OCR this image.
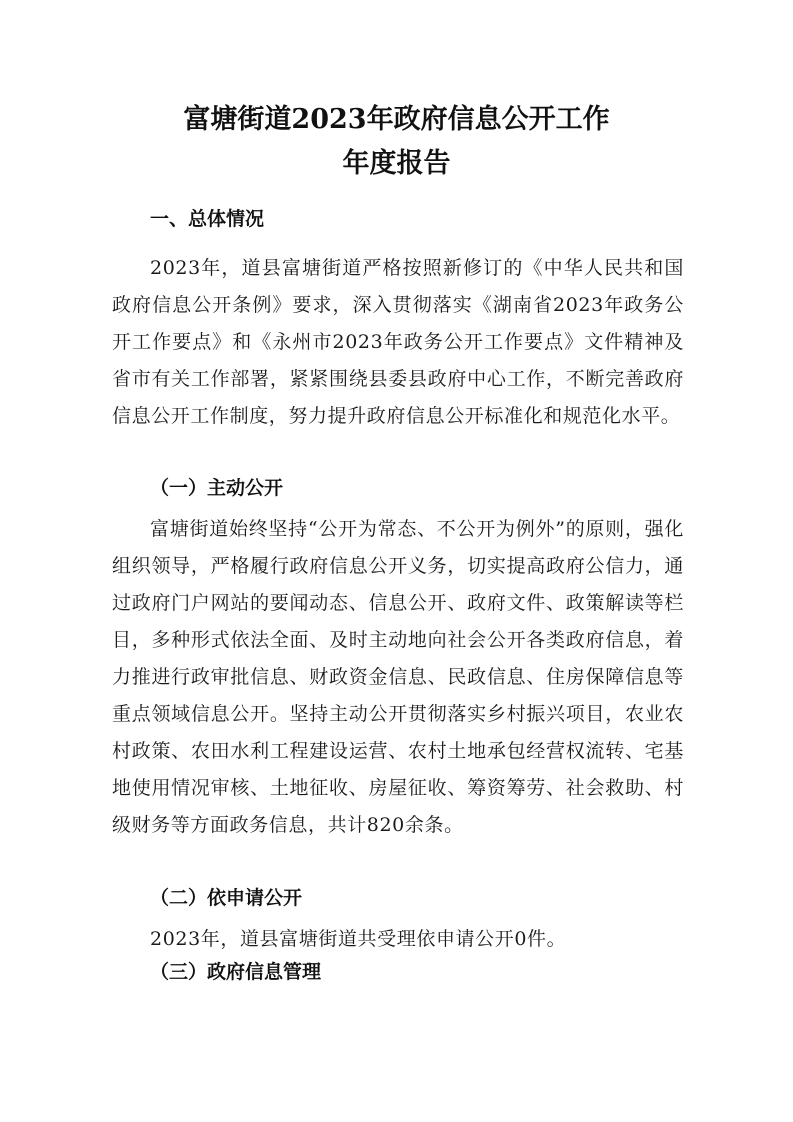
富塘街道2023年政府信息公开工作
年度报告
一、总体情况

2023年，道县富塘街道严格按照新修订的《中华人民共和国政府信息公开条例》要求，深入贯彻落实《湖南省2023年政务公开工作要点》和《永州市2023年政务公开工作要点》文件精神及省市有关工作部署，紧紧围绕县委县政府中心工作，不断完善政府信息公开工作制度，努力提升政府信息公开标准化和规范化水平。

（一）主动公开

富塘街道始终坚持“公开为常态、不公开为例外”的原则，强化组织领导，严格履行政府信息公开义务，切实提高政府公信力，通过政府门户网站的要闻动态、信息公开、政府文件、政策解读等栏目，多种形式依法全面、及时主动地向社会公开各类政府信息，着力推进行政审批信息、财政资金信息、民政信息、住房保障信息等重点领域信息公开。坚持主动公开贯彻落实乡村振兴项目，农业农村政策、农田水利工程建设运营、农村土地承包经营权流转、宅基地使用情况审核、土地征收、房屋征收、筹资筹劳、社会救助、村级财务等方面政务信息，共计820余条。

（二）依申请公开

2023年，道县富塘街道共受理依申请公开0件。

（三）政府信息管理
